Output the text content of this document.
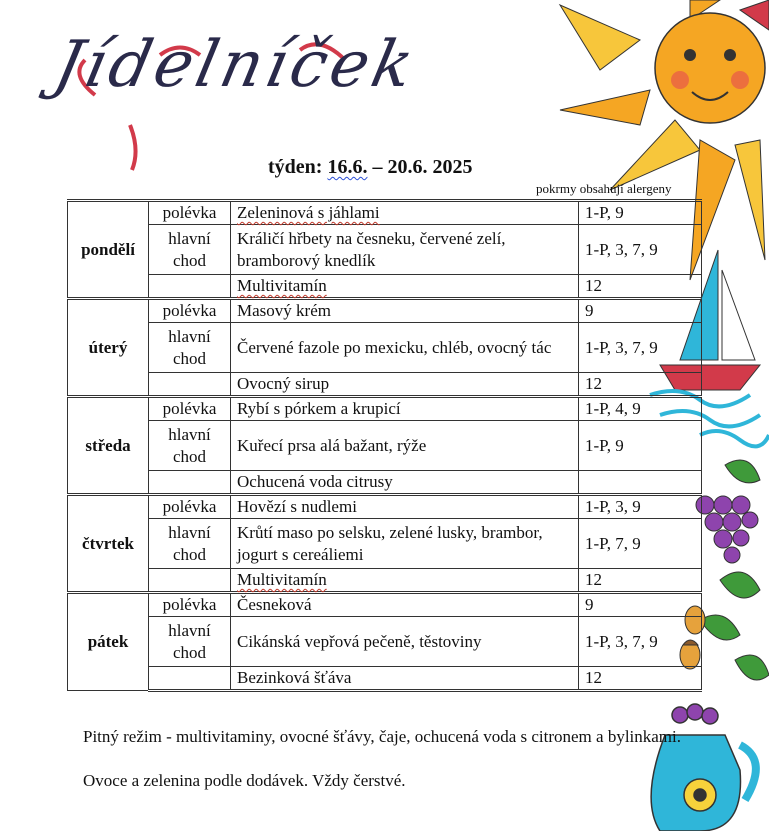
Jídelníček
týden: 16.6. – 20.6. 2025
pokrmy obsahují alergeny
pondělí	polévka	Zeleninová s jáhlami	1-P, 9
	hlavní chod	Králičí hřbety na česneku, červené zelí, bramborový knedlík	1-P, 3, 7, 9
		Multivitamín	12
úterý	polévka	Masový krém	9
	hlavní chod	Červené fazole po mexicku, chléb, ovocný tác	1-P, 3, 7, 9
		Ovocný sirup	12
středa	polévka	Rybí s pórkem a krupicí	1-P, 4, 9
	hlavní chod	Kuřecí prsa alá bažant, rýže	1-P, 9
		Ochucená voda citrusy	
čtvrtek	polévka	Hovězí s nudlemi	1-P, 3, 9
	hlavní chod	Krůtí maso po selsku, zelené lusky, brambor, jogurt s cereáliemi	1-P, 7, 9
		Multivitamín	12
pátek	polévka	Česneková	9
	hlavní chod	Cikánská vepřová pečeně, těstoviny	1-P, 3, 7, 9
		Bezinková šťáva	12

Pitný režim - multivitaminy, ovocné šťávy, čaje, ochucená voda s citronem a bylinkami.

Ovoce a zelenina podle dodávek. Vždy čerstvé.
